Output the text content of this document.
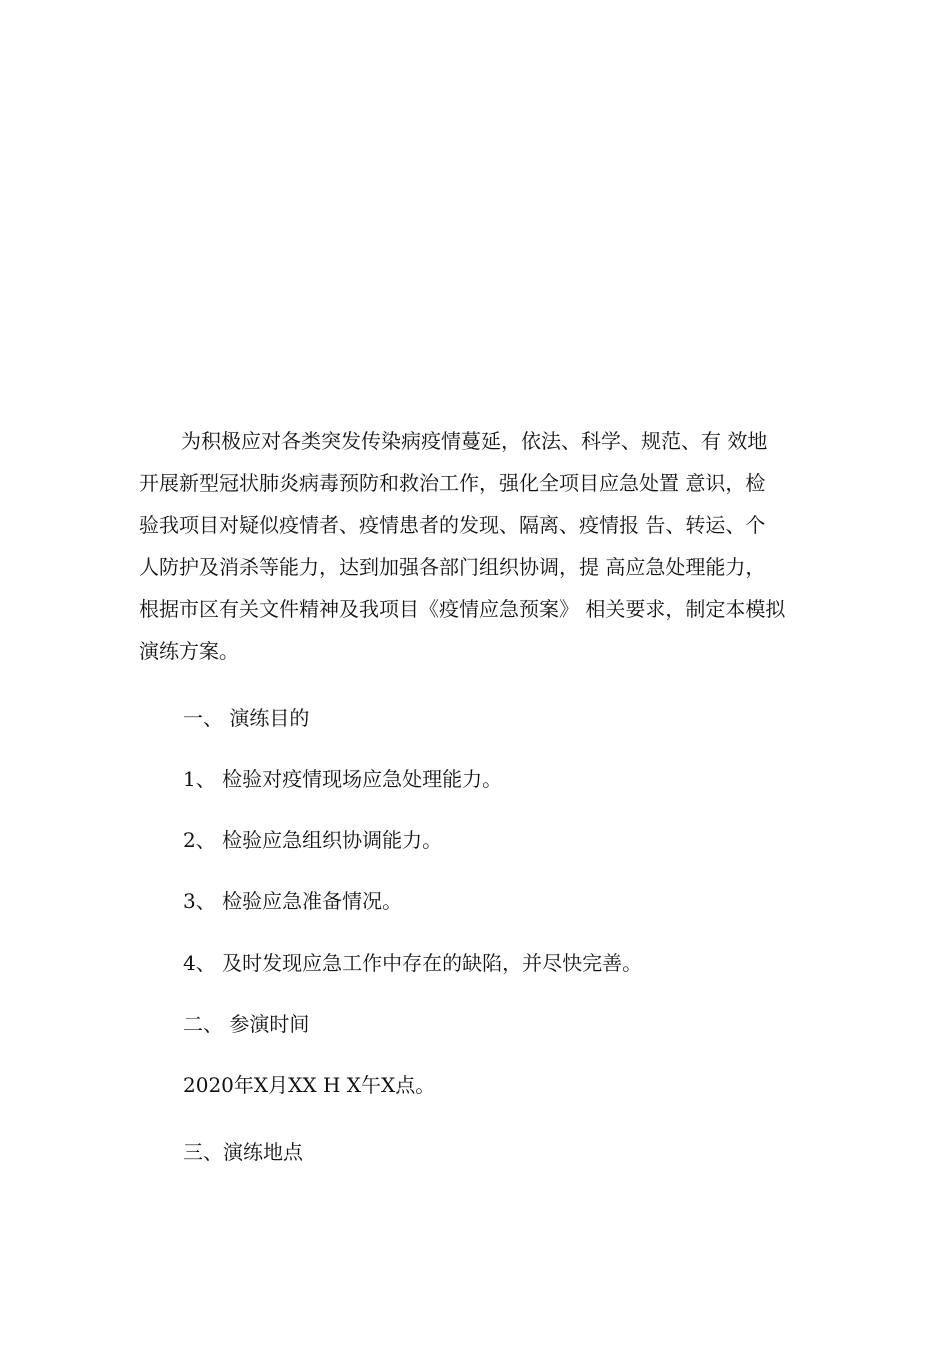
为积极应对各类突发传染病疫情蔓延，依法、科学、规范、有 效地
开展新型冠状肺炎病毒预防和救治工作，强化全项目应急处置 意识，检
验我项目对疑似疫情者、疫情患者的发现、隔离、疫情报 告、转运、个
人防护及消杀等能力，达到加强各部门组织协调，提 高应急处理能力，
根据市区有关文件精神及我项目《疫情应急预案》 相关要求，制定本模拟
演练方案。
一、 演练目的
1、 检验对疫情现场应急处理能力。
2、 检验应急组织协调能力。
3、 检验应急准备情况。
4、 及时发现应急工作中存在的缺陷，并尽快完善。
二、 参演时间
2020年X月XX H X午X点。
三、演练地点
